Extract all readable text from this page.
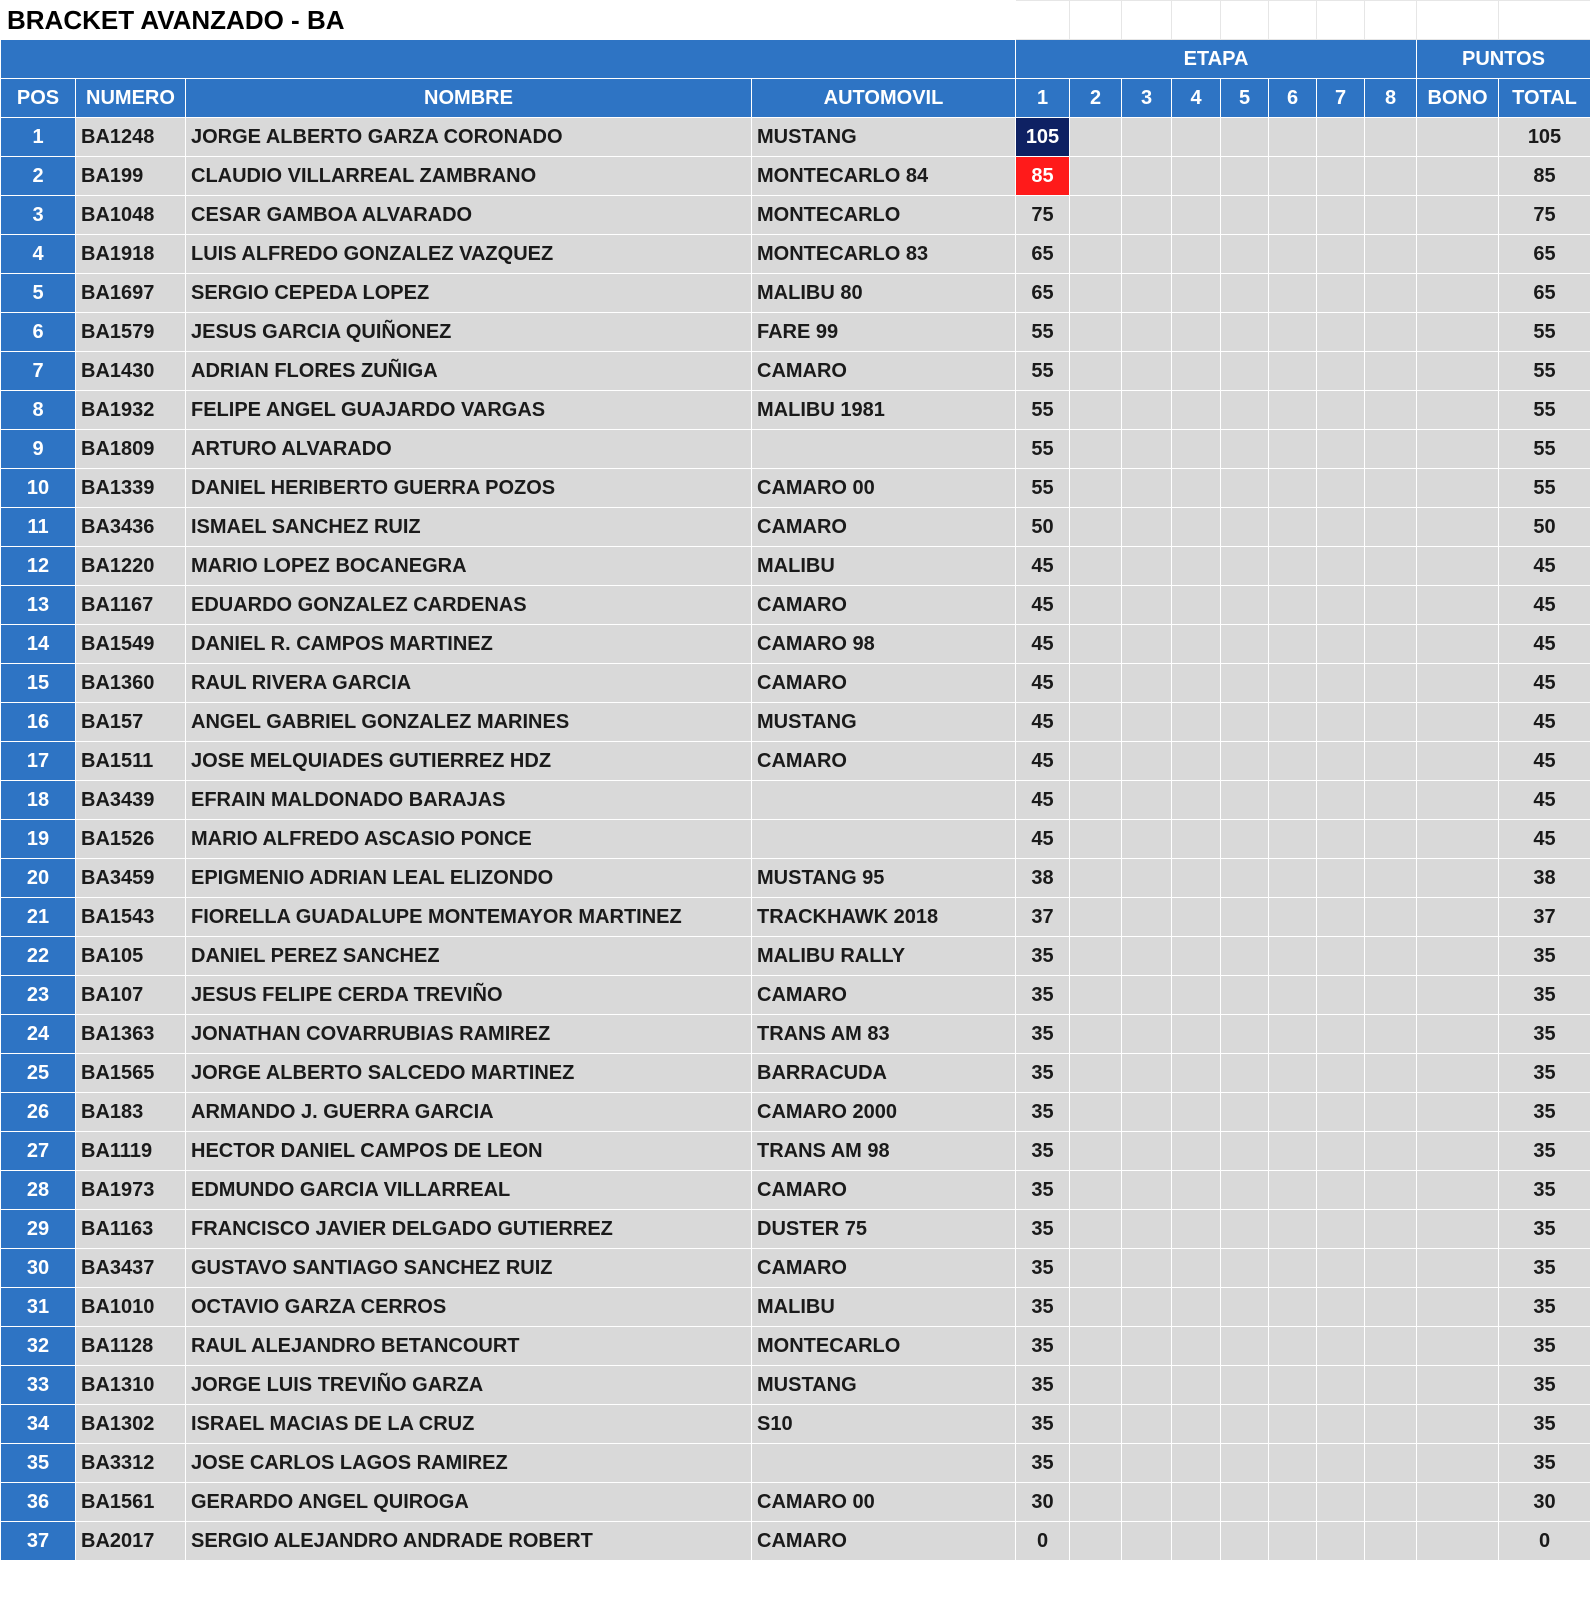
BRACKET AVANZADO - BA													
				ETAPA								PUNTOS	
POS	NUMERO	NOMBRE	AUTOMOVIL	1	2	3	4	5	6	7	8	BONO	TOTAL
1	BA1248	JORGE ALBERTO GARZA CORONADO	MUSTANG	105									105
2	BA199	CLAUDIO VILLARREAL ZAMBRANO	MONTECARLO 84	85									85
3	BA1048	CESAR GAMBOA ALVARADO	MONTECARLO	75									75
4	BA1918	LUIS ALFREDO GONZALEZ VAZQUEZ	MONTECARLO 83	65									65
5	BA1697	SERGIO CEPEDA LOPEZ	MALIBU 80	65									65
6	BA1579	JESUS GARCIA QUIÑONEZ	FARE 99	55									55
7	BA1430	ADRIAN FLORES ZUÑIGA	CAMARO	55									55
8	BA1932	FELIPE ANGEL GUAJARDO VARGAS	MALIBU 1981	55									55
9	BA1809	ARTURO ALVARADO		55									55
10	BA1339	DANIEL HERIBERTO GUERRA POZOS	CAMARO 00	55									55
11	BA3436	ISMAEL SANCHEZ RUIZ	CAMARO	50									50
12	BA1220	MARIO LOPEZ BOCANEGRA	MALIBU	45									45
13	BA1167	EDUARDO GONZALEZ CARDENAS	CAMARO	45									45
14	BA1549	DANIEL R. CAMPOS MARTINEZ	CAMARO 98	45									45
15	BA1360	RAUL RIVERA GARCIA	CAMARO	45									45
16	BA157	ANGEL GABRIEL GONZALEZ MARINES	MUSTANG	45									45
17	BA1511	JOSE MELQUIADES GUTIERREZ HDZ	CAMARO	45									45
18	BA3439	EFRAIN MALDONADO BARAJAS		45									45
19	BA1526	MARIO ALFREDO ASCASIO PONCE		45									45
20	BA3459	EPIGMENIO ADRIAN LEAL ELIZONDO	MUSTANG 95	38									38
21	BA1543	FIORELLA GUADALUPE MONTEMAYOR MARTINEZ	TRACKHAWK 2018	37									37
22	BA105	DANIEL PEREZ SANCHEZ	MALIBU RALLY	35									35
23	BA107	JESUS FELIPE CERDA TREVIÑO	CAMARO	35									35
24	BA1363	JONATHAN COVARRUBIAS RAMIREZ	TRANS AM 83	35									35
25	BA1565	JORGE ALBERTO SALCEDO MARTINEZ	BARRACUDA	35									35
26	BA183	ARMANDO J. GUERRA GARCIA	CAMARO 2000	35									35
27	BA1119	HECTOR DANIEL CAMPOS DE LEON	TRANS AM 98	35									35
28	BA1973	EDMUNDO GARCIA VILLARREAL	CAMARO	35									35
29	BA1163	FRANCISCO JAVIER DELGADO GUTIERREZ	DUSTER 75	35									35
30	BA3437	GUSTAVO SANTIAGO SANCHEZ RUIZ	CAMARO	35									35
31	BA1010	OCTAVIO GARZA CERROS	MALIBU	35									35
32	BA1128	RAUL ALEJANDRO BETANCOURT	MONTECARLO	35									35
33	BA1310	JORGE LUIS TREVIÑO GARZA	MUSTANG	35									35
34	BA1302	ISRAEL MACIAS DE LA CRUZ	S10	35									35
35	BA3312	JOSE CARLOS LAGOS RAMIREZ		35									35
36	BA1561	GERARDO ANGEL QUIROGA	CAMARO 00	30									30
37	BA2017	SERGIO ALEJANDRO ANDRADE ROBERT	CAMARO	0									0
